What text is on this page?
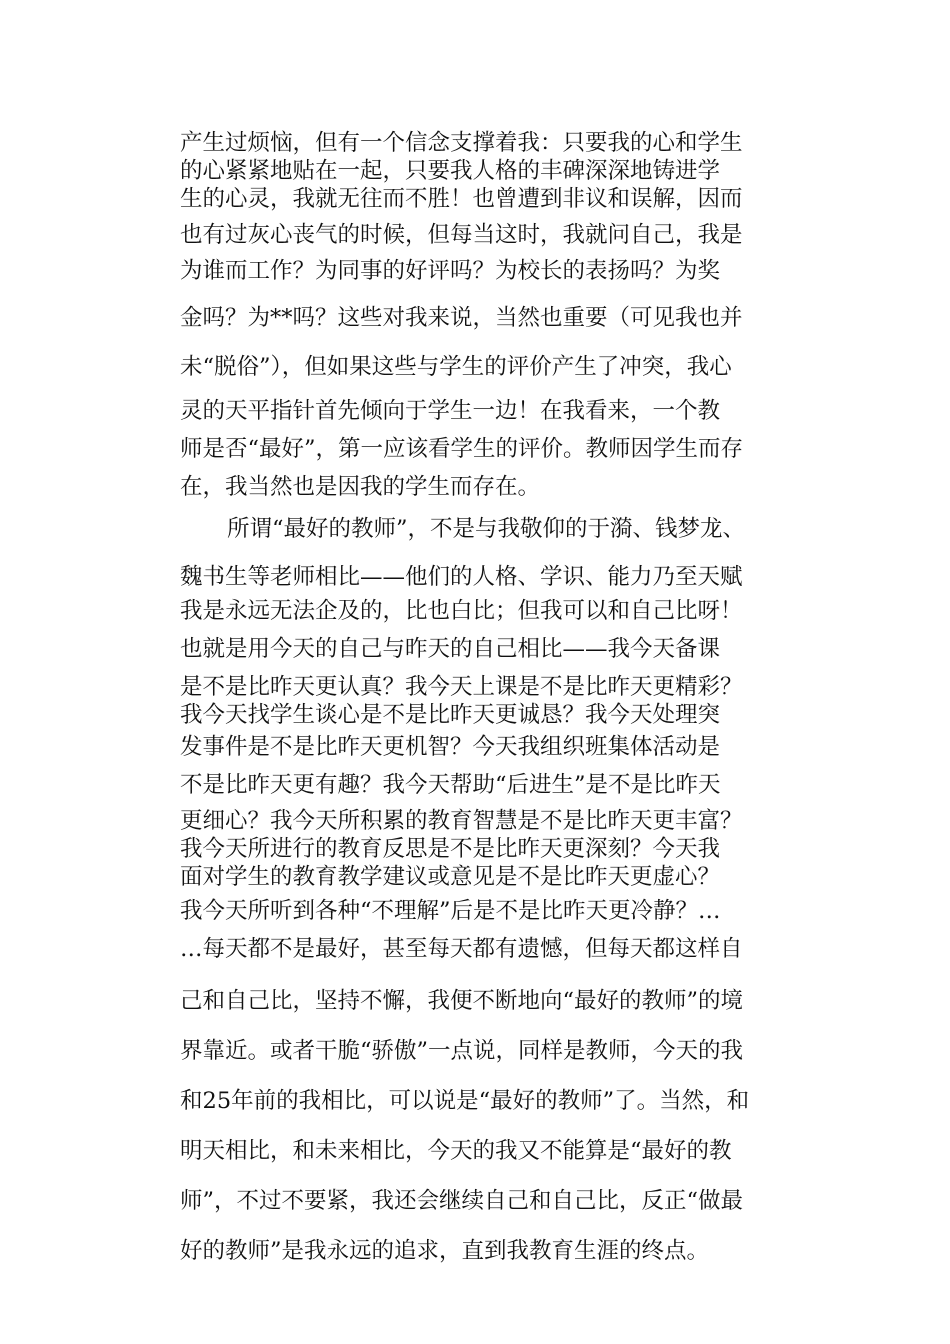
产生过烦恼，但有一个信念支撑着我：只要我的心和学生
的心紧紧地贴在一起，只要我人格的丰碑深深地铸进学
生的心灵，我就无往而不胜！也曾遭到非议和误解，因而
也有过灰心丧气的时候，但每当这时，我就问自己，我是
为谁而工作？为同事的好评吗？为校长的表扬吗？为奖
金吗？为**吗？这些对我来说，当然也重要（可见我也并
未“脱俗”），但如果这些与学生的评价产生了冲突，我心
灵的天平指针首先倾向于学生一边！在我看来，一个教
师是否“最好”，第一应该看学生的评价。教师因学生而存
在，我当然也是因我的学生而存在。
所谓“最好的教师”，不是与我敬仰的于漪、钱梦龙、
魏书生等老师相比——他们的人格、学识、能力乃至天赋
我是永远无法企及的，比也白比；但我可以和自己比呀！
也就是用今天的自己与昨天的自己相比——我今天备课
是不是比昨天更认真？我今天上课是不是比昨天更精彩？
我今天找学生谈心是不是比昨天更诚恳？我今天处理突
发事件是不是比昨天更机智？今天我组织班集体活动是
不是比昨天更有趣？我今天帮助“后进生”是不是比昨天
更细心？我今天所积累的教育智慧是不是比昨天更丰富？
我今天所进行的教育反思是不是比昨天更深刻？今天我
面对学生的教育教学建议或意见是不是比昨天更虚心？
我今天所听到各种“不理解”后是不是比昨天更冷静？…
…每天都不是最好，甚至每天都有遗憾，但每天都这样自
己和自己比，坚持不懈，我便不断地向“最好的教师”的境
界靠近。或者干脆“骄傲”一点说，同样是教师，今天的我
和25年前的我相比，可以说是“最好的教师”了。当然，和
明天相比，和未来相比，今天的我又不能算是“最好的教
师”，不过不要紧，我还会继续自己和自己比，反正“做最
好的教师”是我永远的追求，直到我教育生涯的终点。
